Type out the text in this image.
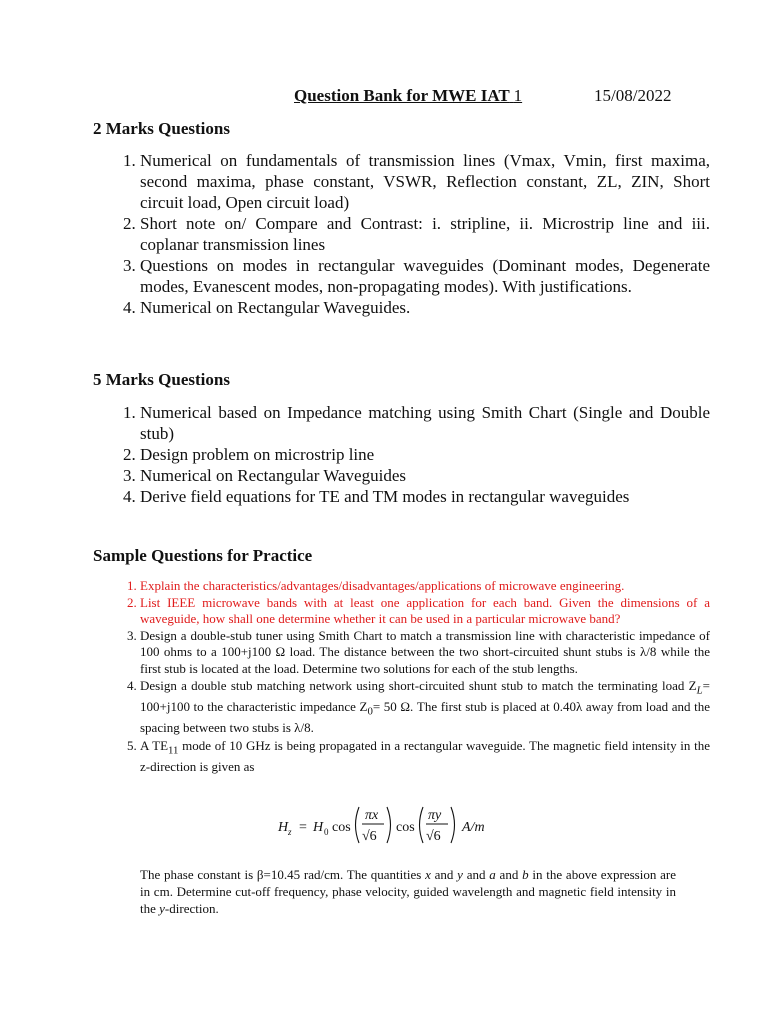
Question Bank for MWE IAT 1	15/08/2022
2 Marks Questions
1. Numerical on fundamentals of transmission lines (Vmax, Vmin, first maxima, second maxima, phase constant, VSWR, Reflection constant, ZL, ZIN, Short circuit load, Open circuit load)
2. Short note on/ Compare and Contrast: i. stripline, ii. Microstrip line and iii. coplanar transmission lines
3. Questions on modes in rectangular waveguides (Dominant modes, Degenerate modes, Evanescent modes, non-propagating modes). With justifications.
4. Numerical on Rectangular Waveguides.
5 Marks Questions
1. Numerical based on Impedance matching using Smith Chart (Single and Double stub)
2. Design problem on microstrip line
3. Numerical on Rectangular Waveguides
4. Derive field equations for TE and TM modes in rectangular waveguides
Sample Questions for Practice
1. Explain the characteristics/advantages/disadvantages/applications of microwave engineering.
2. List IEEE microwave bands with at least one application for each band. Given the dimensions of a waveguide, how shall one determine whether it can be used in a particular microwave band?
3. Design a double-stub tuner using Smith Chart to match a transmission line with characteristic impedance of 100 ohms to a 100+j100 Ω load. The distance between the two short-circuited shunt stubs is λ/8 while the first stub is located at the load. Determine two solutions for each of the stub lengths.
4. Design a double stub matching network using short-circuited shunt stub to match the terminating load $Z_L= 100+j100$ to the characteristic impedance $Z_0= 50$ Ω. The first stub is placed at 0.40λ away from load and the spacing between two stubs is λ/8.
5. A $TE_{11}$ mode of 10 GHz is being propagated in a rectangular waveguide. The magnetic field intensity in the z-direction is given as
H z = H 0 cos
πx
√6
cos
πy
√6
A/m
The phase constant is β=10.45 rad/cm. The quantities x and y and a and b in the above expression are in cm. Determine cut-off frequency, phase velocity, guided wavelength and magnetic field intensity in the y-direction.
